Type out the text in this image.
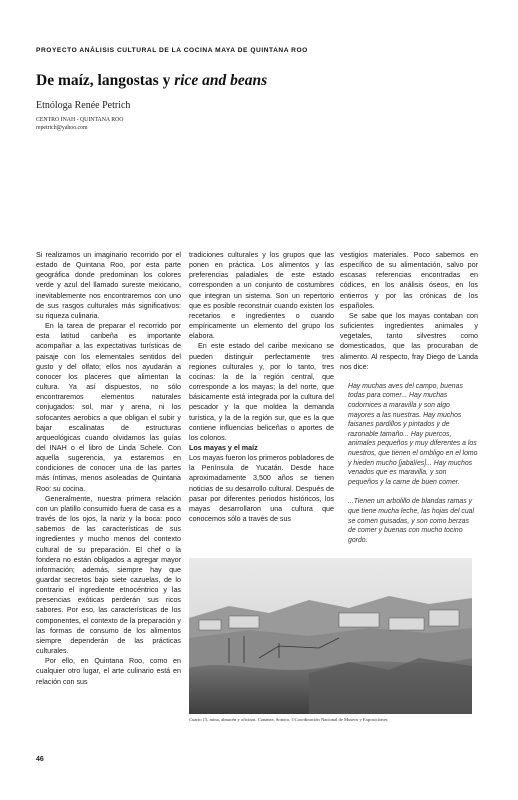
PROYECTO ANÁLISIS CULTURAL DE LA COCINA MAYA DE QUINTANA ROO
De maíz, langostas y rice and beans
Etnóloga Renée Petrich
CENTRO INAH - QUINTANA ROO
repetrich@yahoo.com

Si realizamos un imaginario recorrido por el estado de Quintana Roo, por esta parte geográfica donde predominan los colores verde y azul del llamado sureste mexicano, inevitablemente nos encontraremos con uno de sus rasgos culturales más significativos: su riqueza culinaria.

En la tarea de preparar el recorrido por esta latitud caribeña es importante acompañar a las expectativas turísticas de paisaje con los elementales sentidos del gusto y del olfato; ellos nos ayudarán a conocer los placeres que alimentan la cultura. Ya así dispuestos, no sólo encontraremos elementos naturales conjugados: sol, mar y arena, ni los sofocantes aerobics a que obligan el subir y bajar escalinatas de estructuras arqueológicas cuando olvidamos las guías del INAH o el libro de Linda Schele. Con aquella sugerencia, ya estaremos en condiciones de conocer una de las partes más íntimas, menos asoleadas de Quintana Roo: su cocina.

Generalmente, nuestra primera relación con un platillo consumido fuera de casa es a través de los ojos, la nariz y la boca: poco sabemos de las características de sus ingredientes y mucho menos del contexto cultural de su preparación. El chef o la fondera no están obligados a agregar mayor información; además, siempre hay que guardar secretos bajo siete cazuelas, de lo contrario el ingrediente etnocéntrico y las presencias exóticas perderán sus ricos sabores. Por eso, las características de los componentes, el contexto de la preparación y las formas de consumo de los alimentos siempre dependerán de las prácticas culturales.

Por ello, en Quintana Roo, como en cualquier otro lugar, el arte culinario está en relación con sus

tradiciones culturales y los grupos que las ponen en práctica. Los alimentos y las preferencias paladiales de este estado corresponden a un conjunto de costumbres que integran un sistema. Son un repertorio que es posible reconstruir cuando existen los recetarios e ingredientes o cuando empíricamente un elemento del grupo los elabora.

En este estado del caribe mexicano se pueden distinguir perfectamente tres regiones culturales y, por lo tanto, tres cocinas: la de la región central, que corresponde a los mayas; la del norte, que básicamente está integrada por la cultura del pescador y la que moldea la demanda turística, y la de la región sur, que es la que contiene influencias beliceñas o aportes de los colonos.

Los mayas y el maíz

Los mayas fueron los primeros pobladores de la Península de Yucatán. Desde hace aproximadamente 3,500 años se tienen noticias de su desarrollo cultural. Después de pasar por diferentes periodos históricos, los mayas desarrollaron una cultura que conocemos sólo a través de sus

vestigios materiales. Poco sabemos en específico de su alimentación, salvo por escasas referencias encontradas en códices, en los análisis óseos, en los entierros y por las crónicas de los españoles.

Se sabe que los mayas contaban con suficientes ingredientes animales y vegetales, tanto silvestres como domesticados, que las procuraban de alimento. Al respecto, fray Diego de Landa nos dice:

Hay muchas aves del campo, buenas todas para comer... Hay muchas codornices a maravilla y son algo mayores a las nuestras. Hay muchos faisanes pardillos y pintados y de razonable tamaño... Hay puercos, animales pequeños y muy diferentes a los nuestros, que tienen el ombligo en el lomo y hieden mucho [jabalíes]... Hay muchos venados que es maravilla, y son pequeños y la carne de buen comer.

...Tienen un arbolillo de blandas ramas y que tiene mucha leche, las hojas del cual se comen guisadas, y son como berzas de comer y buenas con mucho tocino gordo.

Cuarto 15, mina, almacén y oficinas. Cananea, Sonora. ©Coordinación Nacional de Museos y Exposiciones
46
